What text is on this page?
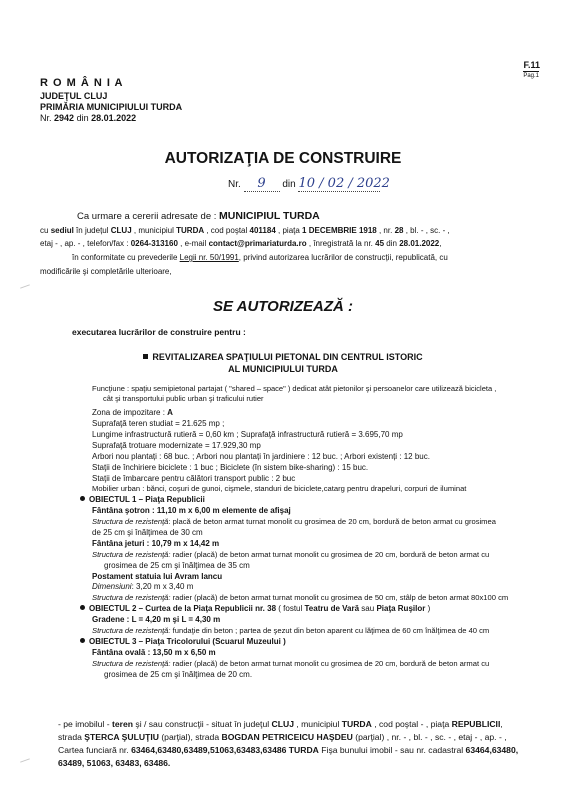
F.11
Pag.1
R O M Â N I A
JUDEŢUL CLUJ
PRIMĂRIA MUNICIPIULUI TURDA
Nr. 2942 din 28.01.2022
AUTORIZAŢIA DE CONSTRUIRE
Nr. 9 din 10 / 02 / 2022
Ca urmare a cererii adresate de : MUNICIPIUL TURDA
cu sediul în județul CLUJ , municipiul TURDA , cod poştal 401184 , piaţa 1 DECEMBRIE 1918 , nr. 28 , bl. - , sc. - ,
etaj - , ap. - , telefon/fax : 0264-313160 , e-mail contact@primariaturda.ro , înregistrată la nr. 45 din 28.01.2022,
în conformitate cu prevederile Legii nr. 50/1991, privind autorizarea lucrărilor de construcții, republicată, cu
modificările şi completările ulterioare,
SE AUTORIZEAZĂ :
executarea lucrărilor de construire pentru :
REVITALIZAREA SPAŢIULUI PIETONAL DIN CENTRUL ISTORIC
AL MUNICIPIULUI TURDA
Funcţiune : spaţiu semipietonal partajat ( "shared – space" ) dedicat atât pietonilor şi persoanelor care utilizează bicicleta ,
cât şi transportului public urban şi traficului rutier
Zona de impozitare : A
Suprafaţă teren studiat = 21.625 mp ;
Lungime infrastructură rutieră = 0,60 km ; Suprafaţă infrastructură rutieră = 3.695,70 mp
Suprafaţă trotuare modernizate = 17.929,30 mp
Arbori nou plantați : 68 buc. ; Arbori nou plantați în jardiniere : 12 buc. ; Arbori existenți : 12 buc.
Staţii de închiriere biciclete : 1 buc ; Biciclete (în sistem bike-sharing) : 15 buc.
Staţii de îmbarcare pentru călători transport public : 2 buc
Mobilier urban : bănci, coşuri de gunoi, cişmele, standuri de biciclete,catarg pentru drapeluri, corpuri de iluminat
OBIECTUL 1 – Piaţa Republicii
Fântâna şotron : 11,10 m x 6,00 m elemente de afişaj
Structura de rezistenţă: placă de beton armat turnat monolit cu grosimea de 20 cm, bordură de beton armat cu grosimea
de 25 cm şi înălţimea de 30 cm
Fântâna jeturi : 10,79 m x 14,42 m
Structura de rezistenţă: radier (placă) de beton armat turnat monolit cu grosimea de 20 cm, bordură de beton armat cu
grosimea de 25 cm şi înălţimea de 35 cm
Postament statuia lui Avram Iancu
Dimensiuni: 3,20 m x 3,40 m
Structura de rezistenţă: radier (placă) de beton armat turnat monolit cu grosimea de 50 cm, stâlp de beton armat 80x100 cm
OBIECTUL 2 – Curtea de la Piaţa Republicii nr. 38 ( fostul Teatru de Vară sau Piaţa Ruşilor )
Gradene : L = 4,20 m şi L = 4,30 m
Structura de rezistenţă: fundaţie din beton ; partea de şezut din beton aparent cu lăţimea de 60 cm înălţimea de 40 cm
OBIECTUL 3 – Piaţa Tricolorului (Scuarul Muzeului )
Fântâna ovală : 13,50 m x 6,50 m
Structura de rezistenţă: radier (placă) de beton armat turnat monolit cu grosimea de 20 cm, bordură de beton armat cu
grosimea de 25 cm şi înălţimea de 20 cm.
- pe imobilul - teren şi / sau construcţii - situat în judeţul CLUJ , municipiul TURDA , cod poştal - , piaţa REPUBLICII,
strada ŞTERCA ŞULUŢIU (parţial), strada BOGDAN PETRICEICU HAŞDEU (parţial) , nr. - , bl. - , sc. - , etaj - , ap. - ,
Cartea funciară nr. 63464,63480,63489,51063,63483,63486 TURDA Fişa bunului imobil - sau nr. cadastral 63464,63480,
63489, 51063, 63483, 63486.
